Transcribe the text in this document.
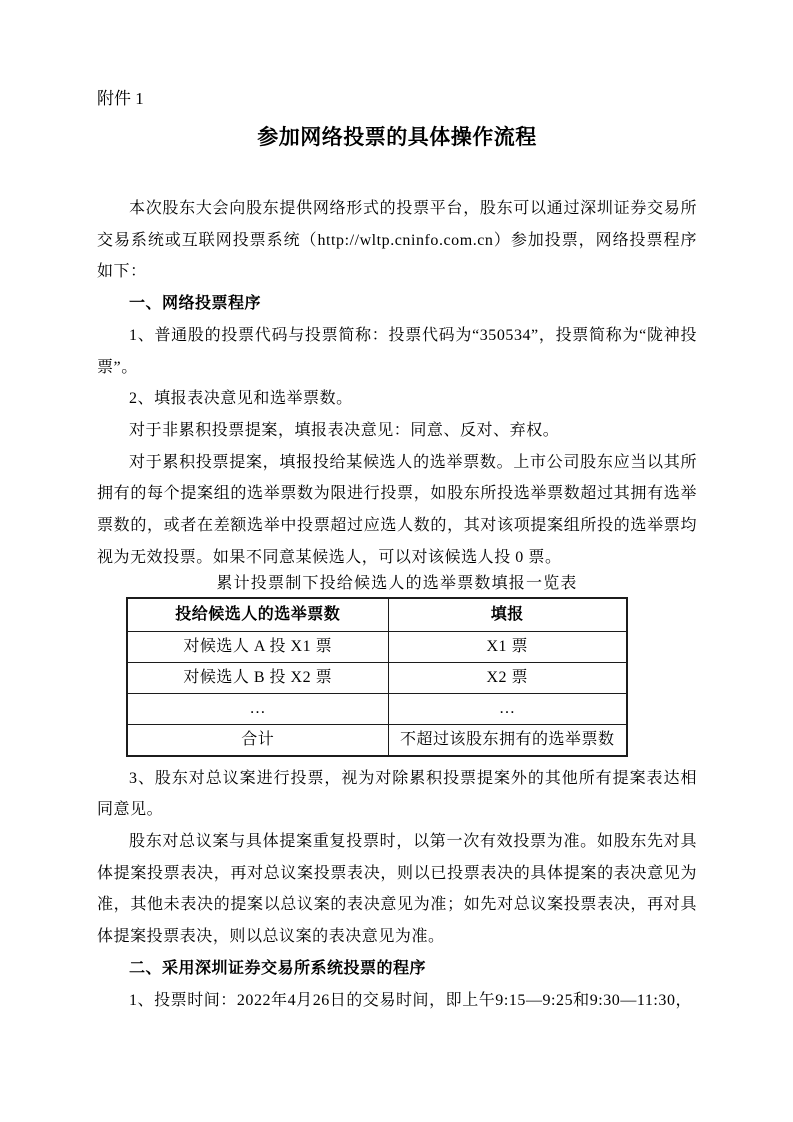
附件 1
参加网络投票的具体操作流程

本次股东大会向股东提供网络形式的投票平台，股东可以通过深圳证券交易所交易系统或互联网投票系统（http://wltp.cninfo.com.cn）参加投票，网络投票程序如下：

一、网络投票程序

1、普通股的投票代码与投票简称：投票代码为“350534”，投票简称为“陇神投票”。

2、填报表决意见和选举票数。

对于非累积投票提案，填报表决意见：同意、反对、弃权。

对于累积投票提案，填报投给某候选人的选举票数。上市公司股东应当以其所拥有的每个提案组的选举票数为限进行投票，如股东所投选举票数超过其拥有选举票数的，或者在差额选举中投票超过应选人数的，其对该项提案组所投的选举票均视为无效投票。如果不同意某候选人，可以对该候选人投 0 票。

累计投票制下投给候选人的选举票数填报一览表

投给候选人的选举票数	填报
对候选人 A 投 X1 票	X1 票
对候选人 B 投 X2 票	X2 票
…	…
合计	不超过该股东拥有的选举票数

3、股东对总议案进行投票，视为对除累积投票提案外的其他所有提案表达相同意见。

股东对总议案与具体提案重复投票时，以第一次有效投票为准。如股东先对具体提案投票表决，再对总议案投票表决，则以已投票表决的具体提案的表决意见为准，其他未表决的提案以总议案的表决意见为准；如先对总议案投票表决，再对具体提案投票表决，则以总议案的表决意见为准。

二、采用深圳证券交易所系统投票的程序

1、投票时间：2022年4月26日的交易时间，即上午9:15—9:25和9:30—11:30，
